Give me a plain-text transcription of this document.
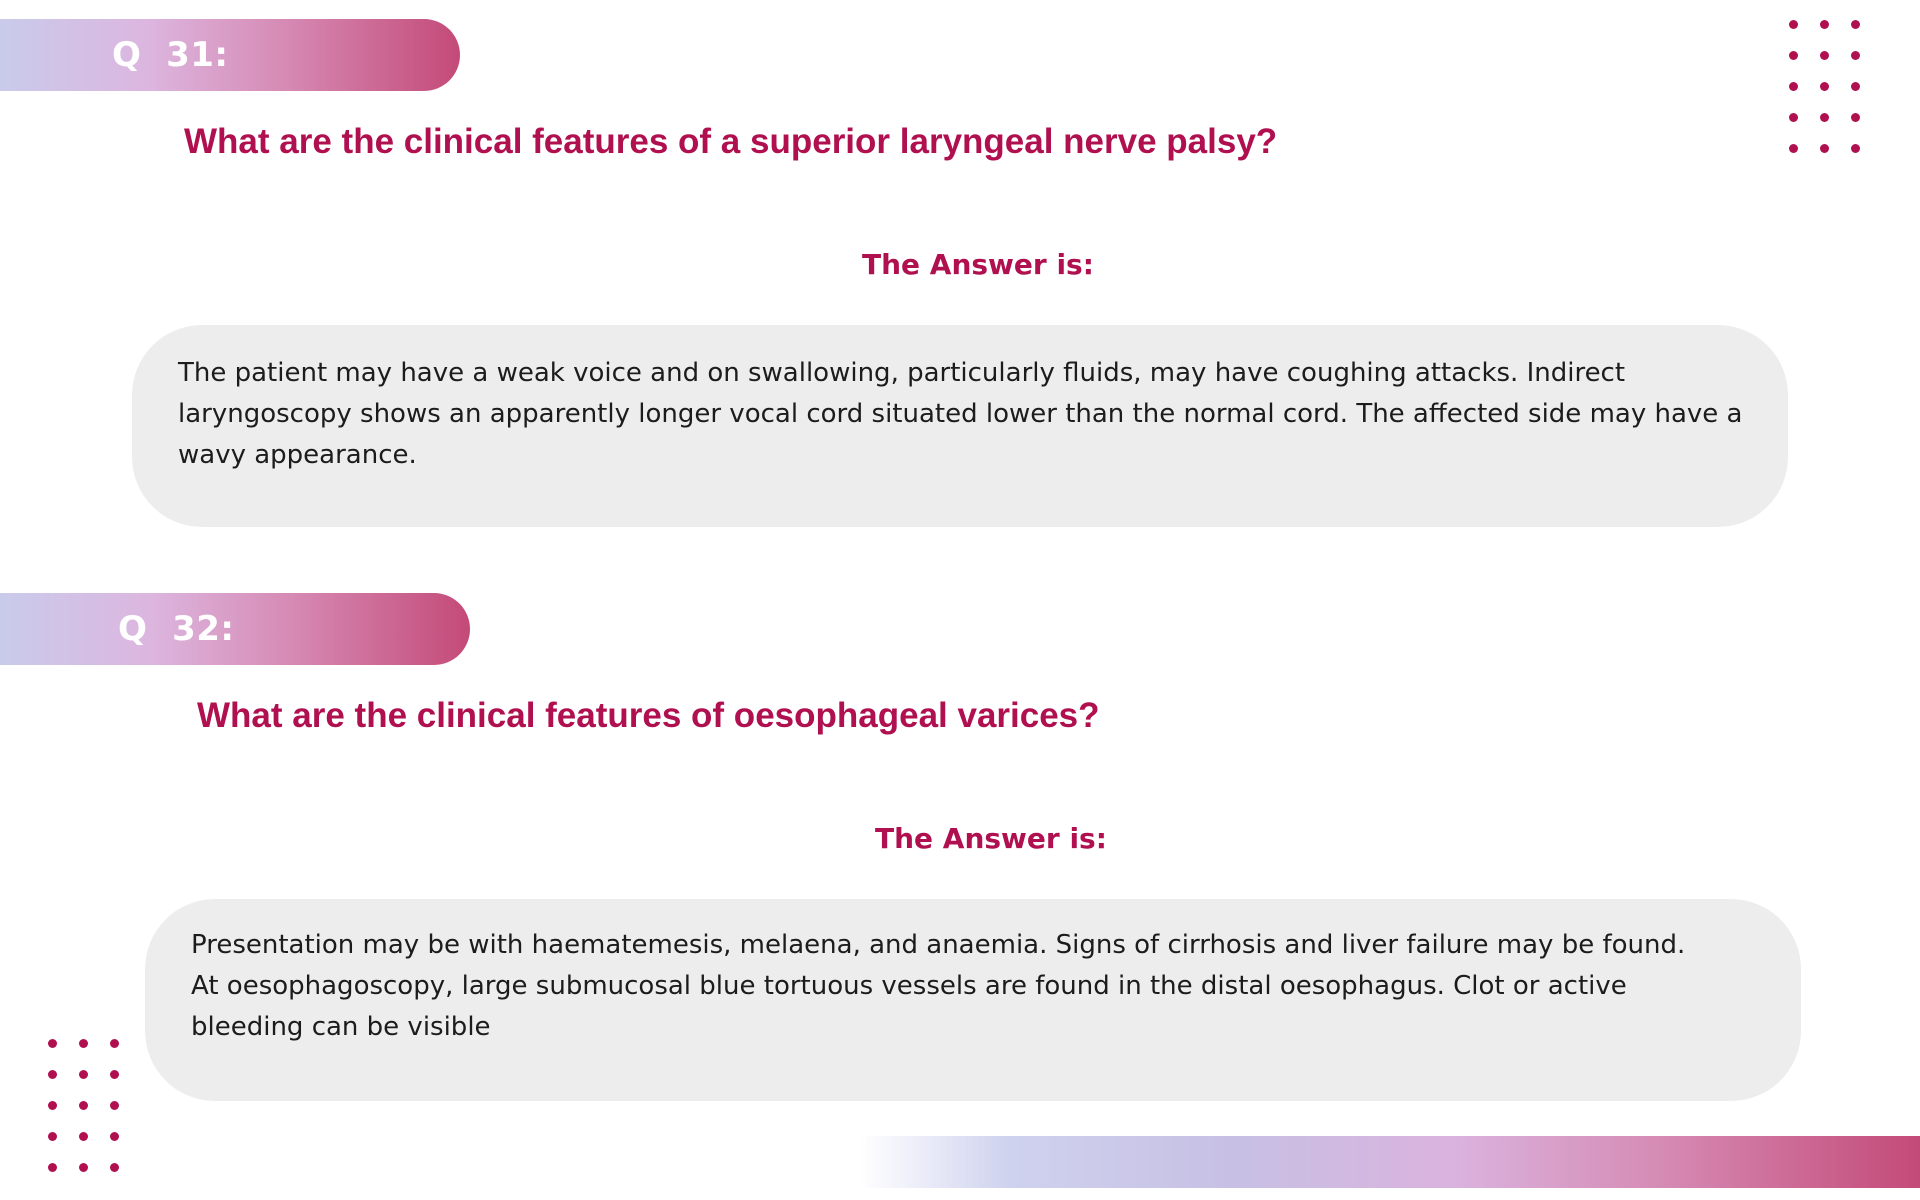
Q  31:
What are the clinical features of a superior laryngeal nerve palsy?
The Answer is:

The patient may have a weak voice and on swallowing, particularly fluids, may have coughing attacks. Indirect laryngoscopy shows an apparently longer vocal cord situated lower than the normal cord. The affected side may have a wavy appearance.

Q  32:
What are the clinical features of oesophageal varices?
The Answer is:

Presentation may be with haematemesis, melaena, and anaemia. Signs of cirrhosis and liver failure may be found. At oesophagoscopy, large submucosal blue tortuous vessels are found in the distal oesophagus. Clot or active bleeding can be visible
